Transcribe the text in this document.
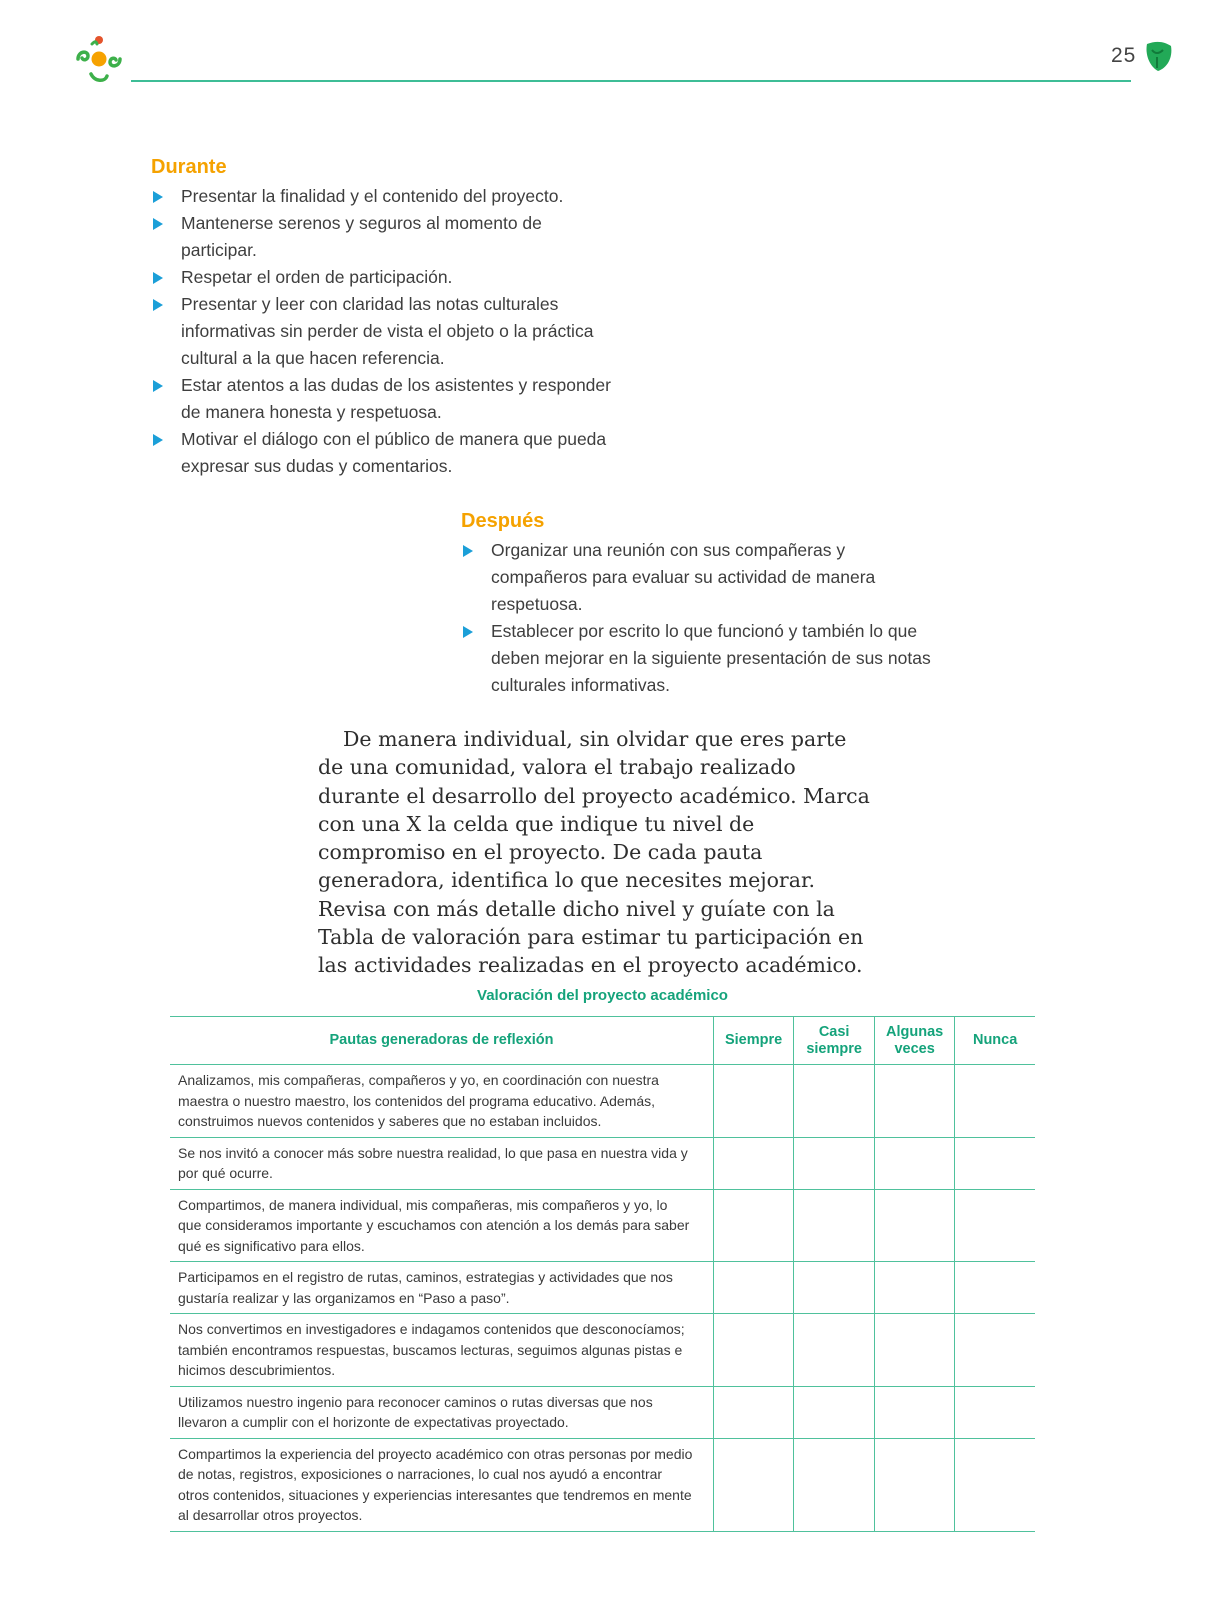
25
Durante
Presentar la finalidad y el contenido del proyecto.
Mantenerse serenos y seguros al momento de participar.
Respetar el orden de participación.
Presentar y leer con claridad las notas culturales informativas sin perder de vista el objeto o la práctica cultural a la que hacen referencia.
Estar atentos a las dudas de los asistentes y responder de manera honesta y respetuosa.
Motivar el diálogo con el público de manera que pueda expresar sus dudas y comentarios.
Después
Organizar una reunión con sus compañeras y compañeros para evaluar su actividad de manera respetuosa.
Establecer por escrito lo que funcionó y también lo que deben mejorar en la siguiente presentación de sus notas culturales informativas.

De manera individual, sin olvidar que eres parte de una comunidad, valora el trabajo realizado durante el desarrollo del proyecto académico. Marca con una X la celda que indique tu nivel de compromiso en el proyecto. De cada pauta generadora, identifica lo que necesites mejorar. Revisa con más detalle dicho nivel y guíate con la Tabla de valoración para estimar tu participación en las actividades realizadas en el proyecto académico.

Valoración del proyecto académico
Pautas generadoras de reflexión	Siempre	Casi siempre	Algunas veces	Nunca
Analizamos, mis compañeras, compañeros y yo, en coordinación con nuestra maestra o nuestro maestro, los contenidos del programa educativo. Además, construimos nuevos contenidos y saberes que no estaban incluidos.				
Se nos invitó a conocer más sobre nuestra realidad, lo que pasa en nuestra vida y por qué ocurre.				
Compartimos, de manera individual, mis compañeras, mis compañeros y yo, lo que consideramos importante y escuchamos con atención a los demás para saber qué es significativo para ellos.				
Participamos en el registro de rutas, caminos, estrategias y actividades que nos gustaría realizar y las organizamos en “Paso a paso”.				
Nos convertimos en investigadores e indagamos contenidos que desconocíamos; también encontramos respuestas, buscamos lecturas, seguimos algunas pistas e hicimos descubrimientos.				
Utilizamos nuestro ingenio para reconocer caminos o rutas diversas que nos llevaron a cumplir con el horizonte de expectativas proyectado.				
Compartimos la experiencia del proyecto académico con otras personas por medio de notas, registros, exposiciones o narraciones, lo cual nos ayudó a encontrar otros contenidos, situaciones y experiencias interesantes que tendremos en mente al desarrollar otros proyectos.				
